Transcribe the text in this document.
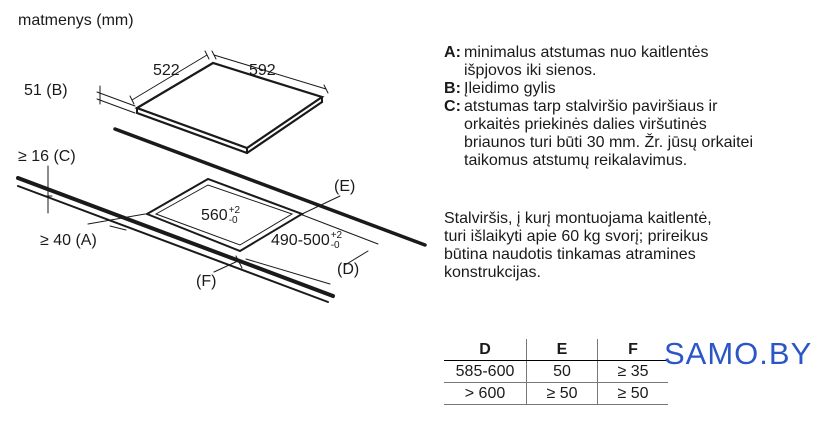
matmenys (mm)
522	592
51 (B)
≥ 16 (C)
≥ 40 (A)
560 +2
-0
490-500 +2
-0
(E)
(D)
(F)
A: minimalus atstumas nuo kaitlentės
išpjovos iki sienos.
B: Įleidimo gylis
C: atstumas tarp stalviršio paviršiaus ir
orkaitės priekinės dalies viršutinės
briaunos turi būti 30 mm. Žr. jūsų orkaitei
taikomus atstumų reikalavimus.
Stalviršis, į kurį montuojama kaitlentė,
turi išlaikyti apie 60 kg svorį; prireikus
būtina naudotis tinkamas atramines
konstrukcijas.
D	E	F
585-600	50	≥ 35
> 600	≥ 50	≥ 50
SAMO.BY
